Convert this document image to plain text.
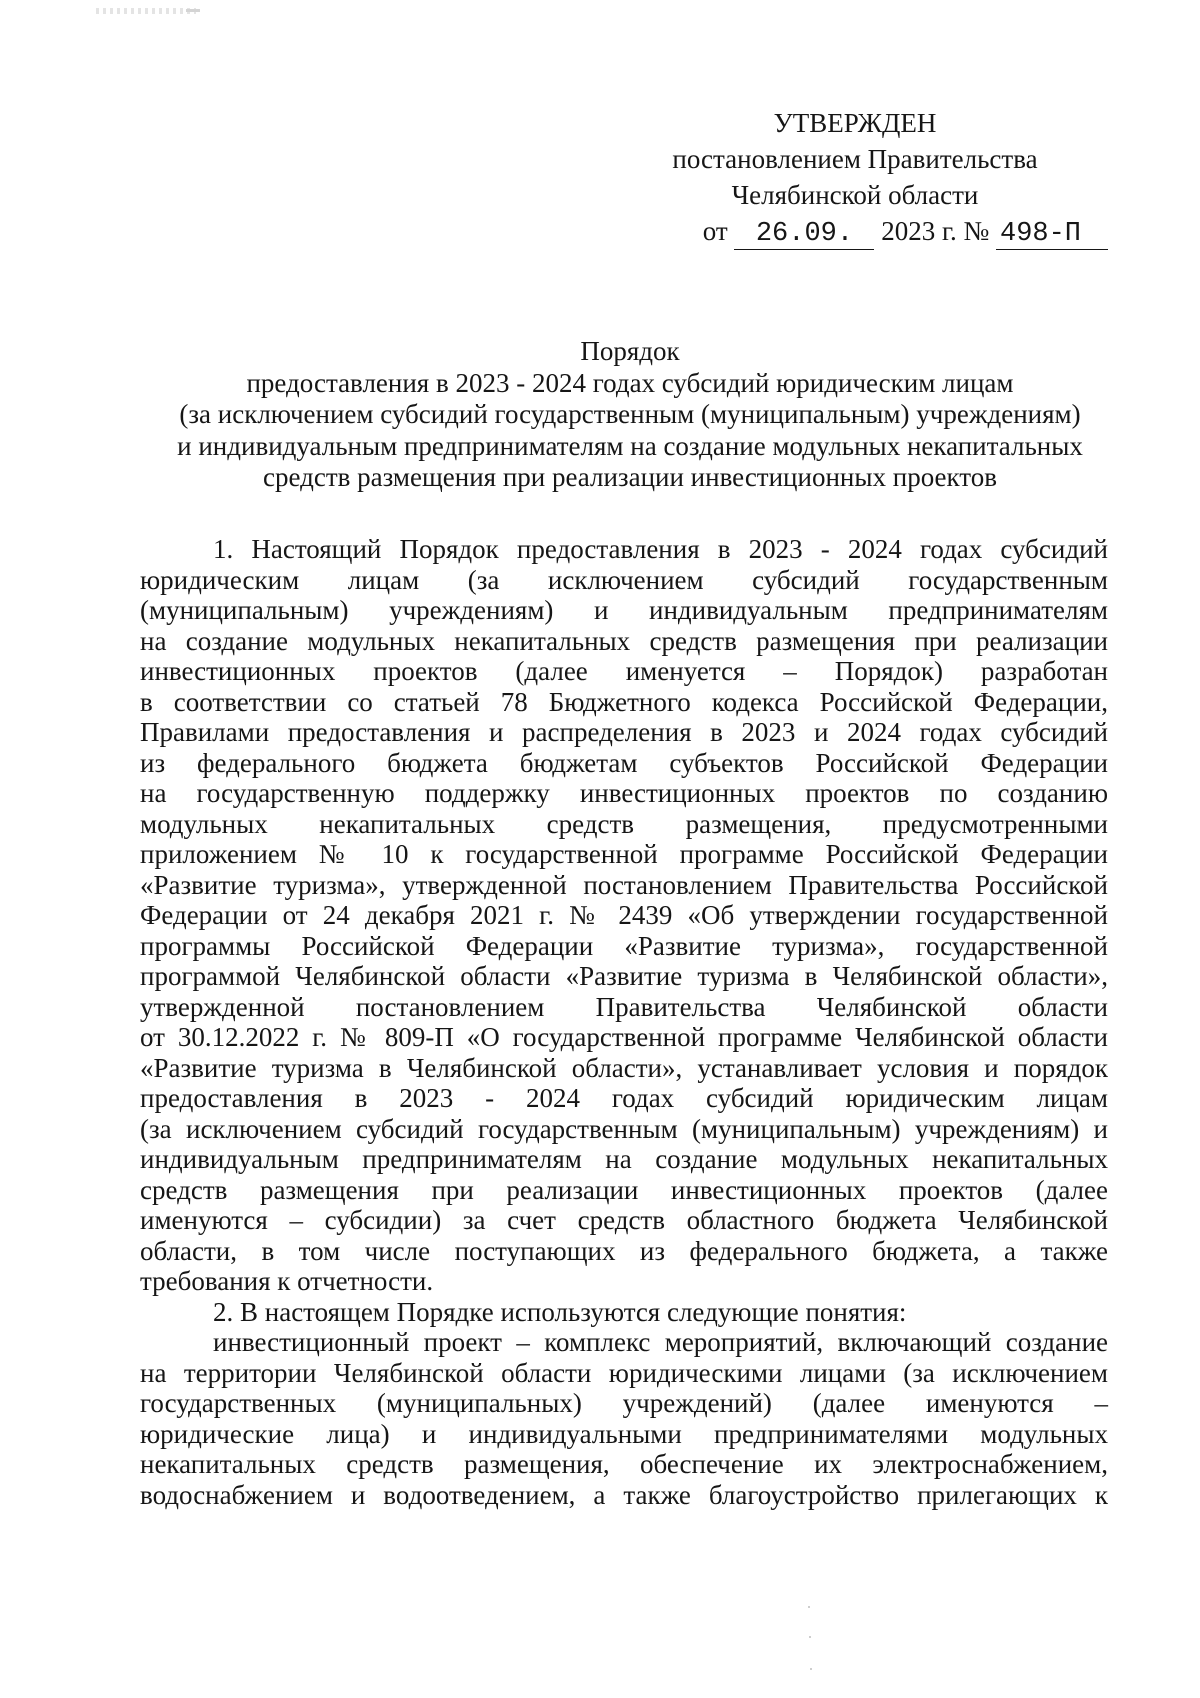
УТВЕРЖДЕН
постановлением Правительства
Челябинской области
от 26.09. 2023 г. № 498-П
Порядок
предоставления в 2023 - 2024 годах субсидий юридическим лицам
(за исключением субсидий государственным (муниципальным) учреждениям)
и индивидуальным предпринимателям на создание модульных некапитальных
средств размещения при реализации инвестиционных проектов
1. Настоящий Порядок предоставления в 2023 - 2024 годах субсидий
юридическим лицам (за исключением субсидий государственным
(муниципальным) учреждениям) и индивидуальным предпринимателям
на создание модульных некапитальных средств размещения при реализации
инвестиционных проектов (далее именуется – Порядок) разработан
в соответствии со статьей 78 Бюджетного кодекса Российской Федерации,
Правилами предоставления и распределения в 2023 и 2024 годах субсидий
из федерального бюджета бюджетам субъектов Российской Федерации
на государственную поддержку инвестиционных проектов по созданию
модульных некапитальных средств размещения, предусмотренными
приложением № 10 к государственной программе Российской Федерации
«Развитие туризма», утвержденной постановлением Правительства Российской
Федерации от 24 декабря 2021 г. № 2439 «Об утверждении государственной
программы Российской Федерации «Развитие туризма», государственной
программой Челябинской области «Развитие туризма в Челябинской области»,
утвержденной постановлением Правительства Челябинской области
от 30.12.2022 г. № 809-П «О государственной программе Челябинской области
«Развитие туризма в Челябинской области», устанавливает условия и порядок
предоставления в 2023 - 2024 годах субсидий юридическим лицам
(за исключением субсидий государственным (муниципальным) учреждениям) и
индивидуальным предпринимателям на создание модульных некапитальных
средств размещения при реализации инвестиционных проектов (далее
именуются – субсидии) за счет средств областного бюджета Челябинской
области, в том числе поступающих из федерального бюджета, а также
требования к отчетности.
2. В настоящем Порядке используются следующие понятия:
инвестиционный проект – комплекс мероприятий, включающий создание
на территории Челябинской области юридическими лицами (за исключением
государственных (муниципальных) учреждений) (далее именуются –
юридические лица) и индивидуальными предпринимателями модульных
некапитальных средств размещения, обеспечение их электроснабжением,
водоснабжением и водоотведением, а также благоустройство прилегающих к
